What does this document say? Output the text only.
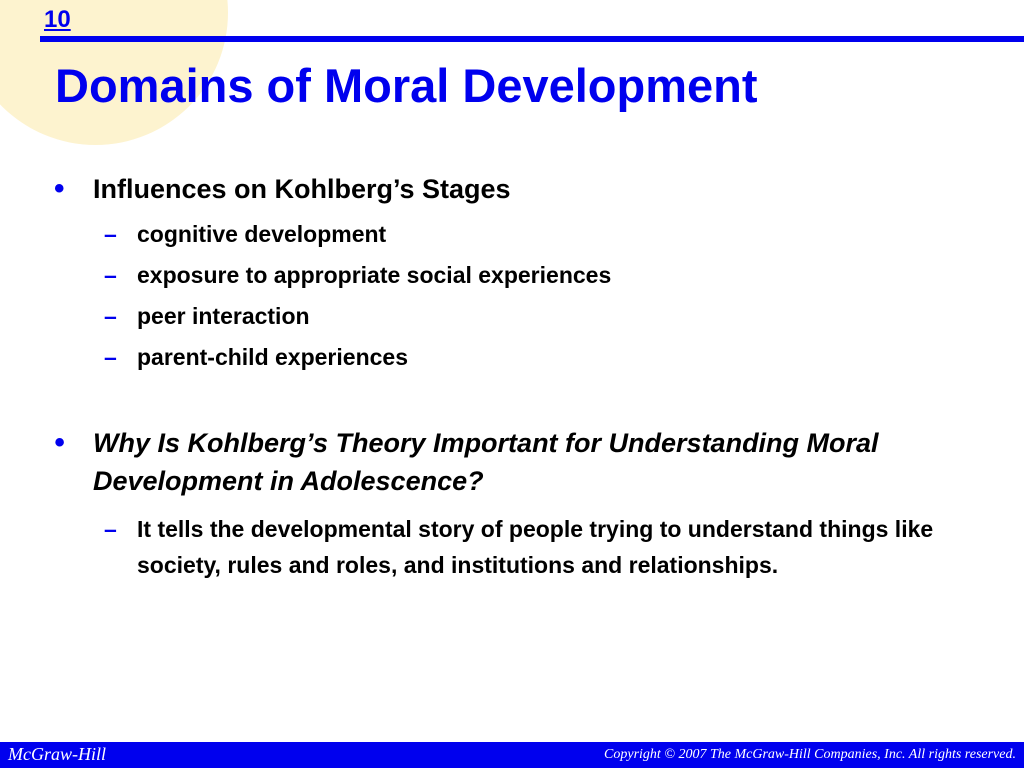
10
Domains of Moral Development
• Influences on Kohlberg’s Stages
– cognitive development
– exposure to appropriate social experiences
– peer interaction
– parent-child experiences
• Why Is Kohlberg’s Theory Important for Understanding Moral Development in Adolescence?
– It tells the developmental story of people trying to understand things like society, rules and roles, and institutions and relationships.
McGraw-Hill	Copyright © 2007 The McGraw-Hill Companies, Inc. All rights reserved.
